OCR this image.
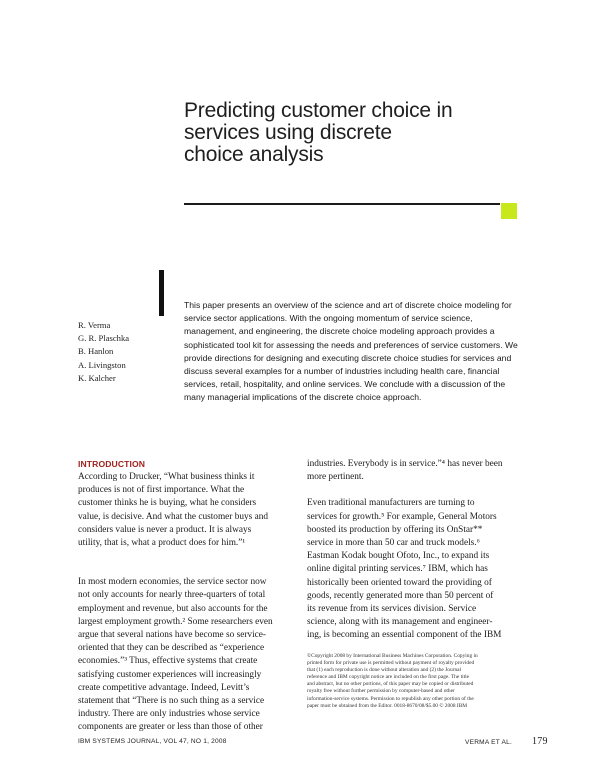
Predicting customer choice in
services using discrete
choice analysis
R. Verma
G. R. Plaschka
B. Hanlon
A. Livingston
K. Kalcher

This paper presents an overview of the science and art of discrete choice modeling for
service sector applications. With the ongoing momentum of service science,
management, and engineering, the discrete choice modeling approach provides a
sophisticated tool kit for assessing the needs and preferences of service customers. We
provide directions for designing and executing discrete choice studies for services and
discuss several examples for a number of industries including health care, financial
services, retail, hospitality, and online services. We conclude with a discussion of the
many managerial implications of the discrete choice approach.

INTRODUCTION

According to Drucker, “What business thinks it
produces is not of first importance. What the
customer thinks he is buying, what he considers
value, is decisive. And what the customer buys and
considers value is never a product. It is always
utility, that is, what a product does for him.”¹

In most modern economies, the service sector now
not only accounts for nearly three-quarters of total
employment and revenue, but also accounts for the
largest employment growth.² Some researchers even
argue that several nations have become so service-
oriented that they can be described as “experience
economies.”³ Thus, effective systems that create
satisfying customer experiences will increasingly
create competitive advantage. Indeed, Levitt’s
statement that “There is no such thing as a service
industry. There are only industries whose service
components are greater or less than those of other

industries. Everybody is in service.”⁴ has never been
more pertinent.

Even traditional manufacturers are turning to
services for growth.⁵ For example, General Motors
boosted its production by offering its OnStar**
service in more than 50 car and truck models.⁶
Eastman Kodak bought Ofoto, Inc., to expand its
online digital printing services.⁷ IBM, which has
historically been oriented toward the providing of
goods, recently generated more than 50 percent of
its revenue from its services division. Service
science, along with its management and engineer-
ing, is becoming an essential component of the IBM

©Copyright 2008 by International Business Machines Corporation. Copying in
printed form for private use is permitted without payment of royalty provided
that (1) each reproduction is done without alteration and (2) the Journal
reference and IBM copyright notice are included on the first page. The title
and abstract, but no other portions, of this paper may be copied or distributed
royalty free without further permission by computer-based and other
information-service systems. Permission to republish any other portion of the
paper must be obtained from the Editor. 0018-8670/08/$5.00 © 2008 IBM
IBM SYSTEMS JOURNAL, VOL 47, NO 1, 2008	VERMA ET AL. 179
